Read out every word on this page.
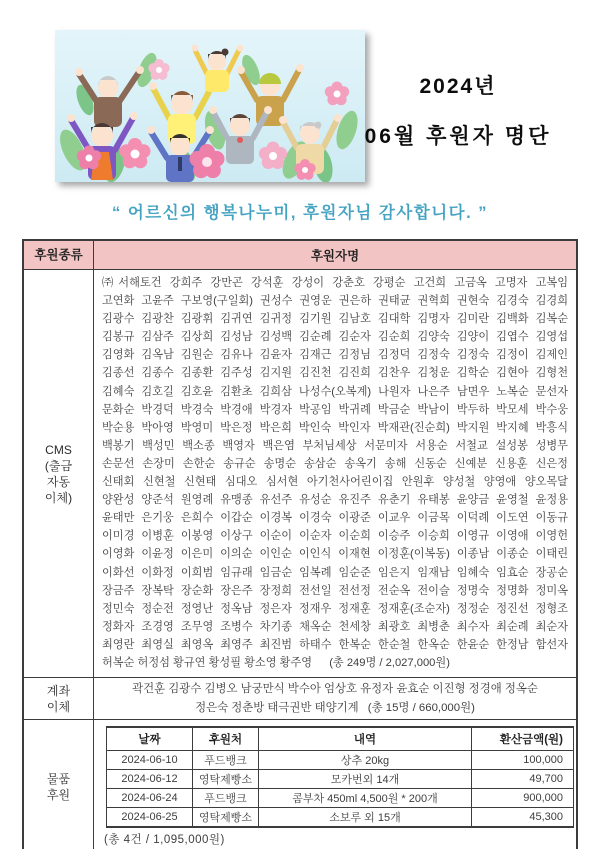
2024년
06월 후원자 명단
“ 어르신의 행복나누미, 후원자님 감사합니다. ”
후원종류	후원자명
CMS
(출금
자동
이체)
㈜서해토건 강희주 강만곤 강석훈 강성이 강춘호 강평순 고건희 고금옥 고명자 고복임
고연화 고윤주 구보영(구일회) 권성수 권영운 권은하 권태균 권혁희 권현숙 김경숙 김경희
김광수 김광찬 김광휘 김귀연 김귀정 김기원 김남호 김대학 김명자 김미란 김백화 김복순
김봉규 김삼주 김상희 김성남 김성백 김순례 김순자 김순희 김양숙 김양이 김엽수 김영섭
김영화 김옥남 김원순 김유나 김윤자 김재근 김정님 김정덕 김정숙 김정숙 김정이 김제인
김종선 김종수 김종환 김주성 김지원 김진천 김진희 김찬우 김청운 김학순 김현아 김형천
김혜숙 김호길 김호윤 김환초 김희삼 나성수(오복계) 나원자 나은주 남면우 노복순 문선자
문화순 박경덕 박경숙 박경애 박경자 박공임 박귀례 박금순 박남이 박두하 박모세 박수웅
박순용 박아영 박영미 박은정 박은희 박인숙 박인자 박재관(진순희) 박지원 박지혜 박흥식
백봉기 백성민 백소종 백영자 백은염 부처님세상 서문미자 서용순 서철교 설성봉 성병무
손문선 손장미 손한순 송규순 송명순 송삼순 송옥기 송해 신동순 신예분 신용훈 신은정
신태회 신현철 신현태 심대오 심서현 아기천사어린이집 안원후 양성철 양영애 양오목달
양완성 양준석 원영례 유맹종 유선주 유성순 유진주 유춘기 유태봉 윤양금 윤영철 윤정용
윤태만 은기웅 은희수 이갑순 이경복 이경숙 이광준 이교우 이금목 이덕례 이도연 이동규
이미경 이병훈 이봉영 이상구 이순이 이순자 이순희 이승주 이승희 이영규 이영애 이영헌
이영화 이윤정 이은미 이의순 이인순 이인식 이재현 이정훈(이복동) 이종남 이종순 이태린
이화선 이화정 이희범 임규래 임금순 임복례 임순준 임은지 임재남 임혜숙 임효순 장공순
장금주 장복탁 장순화 장은주 장정희 전선일 전선정 전순옥 전이슬 정명숙 정명화 정미옥
정민숙 정순전 정영난 정옥남 정은자 정재우 정재훈 정재훈(조순자) 정정순 정진선 정형조
정화자 조경영 조무영 조병수 차기종 채옥순 천세창 최광호 최병춘 최수자 최순례 최순자
최영란 최영실 최영옥 최영주 최진범 하태수 한복순 한순철 한옥순 한윤순 한정남 함선자
허복순 허정섬 황규연 황성필 황소영 황주영 (총 249명 / 2,027,000원)
계좌
이체
곽건훈 김광수 김병오 남궁만식 박수아 엄상호 유정자 윤효순 이진형 정경애 정옥순
정은숙 정춘방 태극권반 태양기계 (총 15명 / 660,000원)
물품
후원
날짜	후원처	내역	환산금액(원)
2024-06-10	푸드뱅크	상추 20kg	100,000
2024-06-12	영탁제빵소	모카번외 14개	49,700
2024-06-24	푸드뱅크	콤부차 450ml 4,500원 * 200개	900,000
2024-06-25	영탁제빵소	소보루 외 15개	45,300
(총 4건 / 1,095,000원)
